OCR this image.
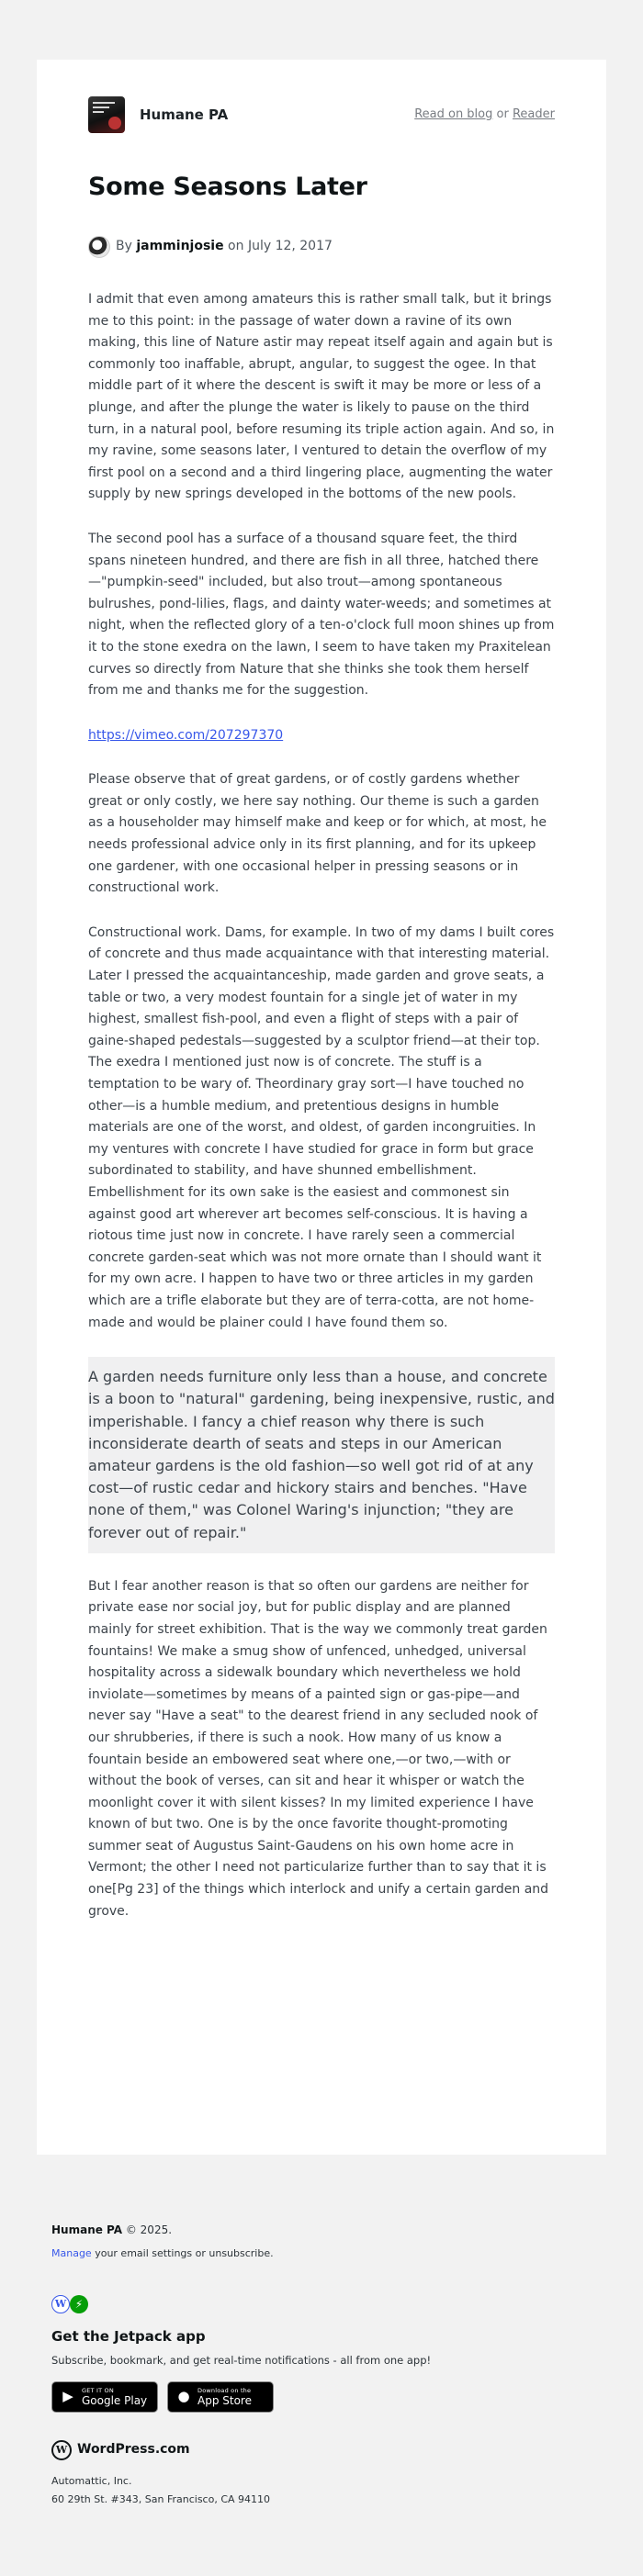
Humane PA	Read on blog or Reader
Some Seasons Later
By jamminjosie on July 12, 2017

I admit that even among amateurs this is rather small talk, but it brings me to this point: in the passage of water down a ravine of its own making, this line of Nature astir may repeat itself again and again but is commonly too inaffable, abrupt, angular, to suggest the ogee. In that middle part of it where the descent is swift it may be more or less of a plunge, and after the plunge the water is likely to pause on the third turn, in a natural pool, before resuming its triple action again. And so, in my ravine, some seasons later, I ventured to detain the overflow of my first pool on a second and a third lingering place, augmenting the water supply by new springs developed in the bottoms of the new pools.

The second pool has a surface of a thousand square feet, the third spans nineteen hundred, and there are fish in all three, hatched there—"pumpkin-seed" included, but also trout—among spontaneous bulrushes, pond-lilies, flags, and dainty water-weeds; and sometimes at night, when the reflected glory of a ten-o'clock full moon shines up from it to the stone exedra on the lawn, I seem to have taken my Praxitelean curves so directly from Nature that she thinks she took them herself from me and thanks me for the suggestion.

https://vimeo.com/207297370

Please observe that of great gardens, or of costly gardens whether great or only costly, we here say nothing. Our theme is such a garden as a householder may himself make and keep or for which, at most, he needs professional advice only in its first planning, and for its upkeep one gardener, with one occasional helper in pressing seasons or in constructional work.

Constructional work. Dams, for example. In two of my dams I built cores of concrete and thus made acquaintance with that interesting material. Later I pressed the acquaintanceship, made garden and grove seats, a table or two, a very modest fountain for a single jet of water in my highest, smallest fish-pool, and even a flight of steps with a pair of gaine-shaped pedestals—suggested by a sculptor friend—at their top. The exedra I mentioned just now is of concrete. The stuff is a temptation to be wary of. Theordinary gray sort—I have touched no other—is a humble medium, and pretentious designs in humble materials are one of the worst, and oldest, of garden incongruities. In my ventures with concrete I have studied for grace in form but grace subordinated to stability, and have shunned embellishment. Embellishment for its own sake is the easiest and commonest sin against good art wherever art becomes self-conscious. It is having a riotous time just now in concrete. I have rarely seen a commercial concrete garden-seat which was not more ornate than I should want it for my own acre. I happen to have two or three articles in my garden which are a trifle elaborate but they are of terra-cotta, are not home-made and would be plainer could I have found them so.

A garden needs furniture only less than a house, and concrete is a boon to "natural" gardening, being inexpensive, rustic, and imperishable. I fancy a chief reason why there is such inconsiderate dearth of seats and steps in our American amateur gardens is the old fashion—so well got rid of at any cost—of rustic cedar and hickory stairs and benches. "Have none of them," was Colonel Waring's injunction; "they are forever out of repair."

But I fear another reason is that so often our gardens are neither for private ease nor social joy, but for public display and are planned mainly for street exhibition. That is the way we commonly treat garden fountains! We make a smug show of unfenced, unhedged, universal hospitality across a sidewalk boundary which nevertheless we hold inviolate—sometimes by means of a painted sign or gas-pipe—and never say "Have a seat" to the dearest friend in any secluded nook of our shrubberies, if there is such a nook. How many of us know a fountain beside an embowered seat where one,—or two,—with or without the book of verses, can sit and hear it whisper or watch the moonlight cover it with silent kisses? In my limited experience I have known of but two. One is by the once favorite thought-promoting summer seat of Augustus Saint-Gaudens on his own home acre in Vermont; the other I need not particularize further than to say that it is one[Pg 23] of the things which interlock and unify a certain garden and grove.

Humane PA © 2025.
Manage your email settings or unsubscribe.
W ⚡
Get the Jetpack app
Subscribe, bookmark, and get real-time notifications - all from one app!
▶	GET IT ON
Google Play ●	Download on the
App Store
W WordPress.com
Automattic, Inc.
60 29th St. #343, San Francisco, CA 94110
